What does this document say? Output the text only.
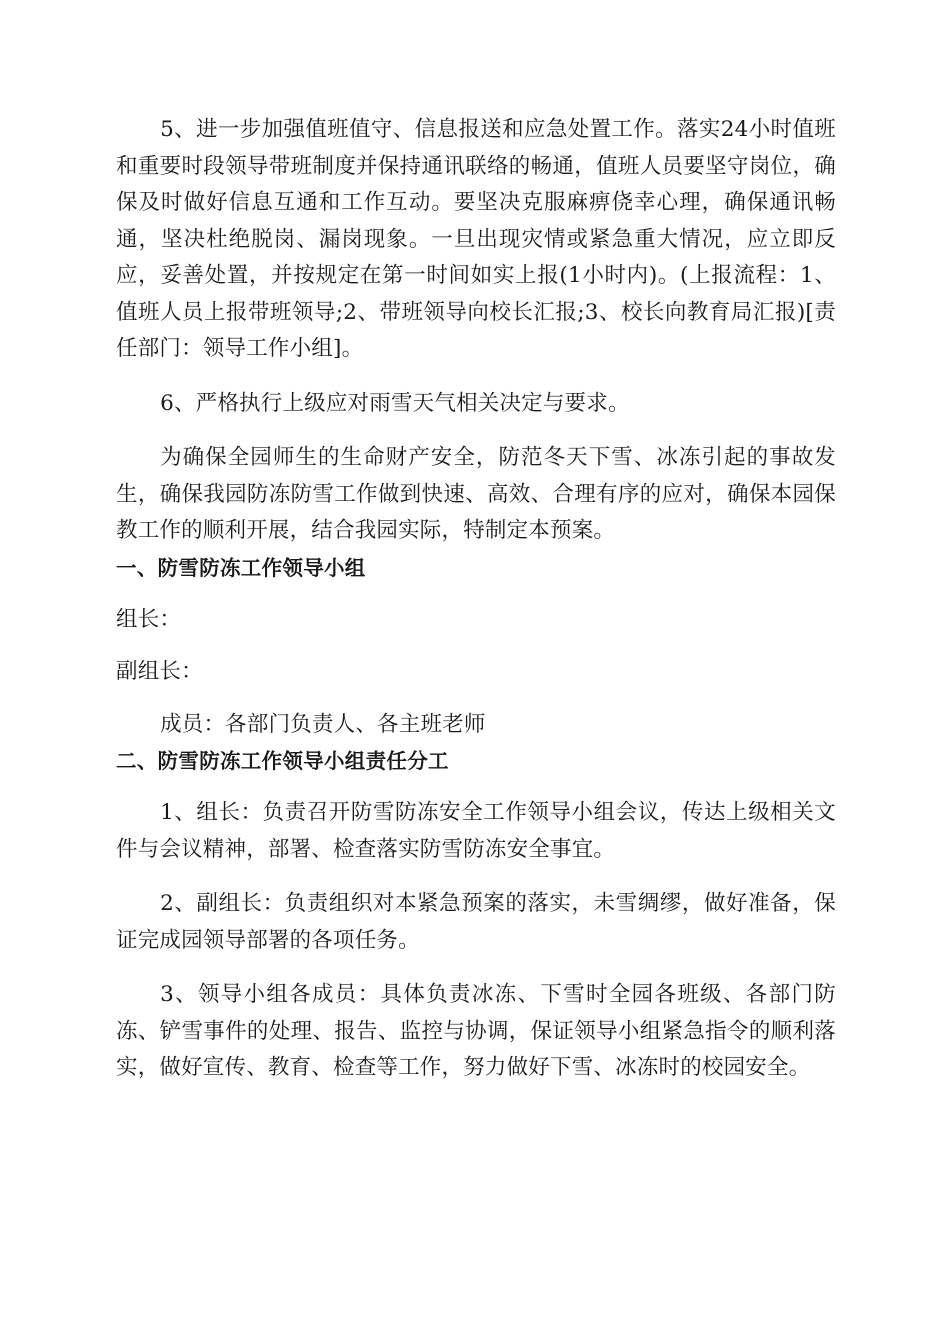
5、进一步加强值班值守、信息报送和应急处置工作。落实24小时值班和重要时段领导带班制度并保持通讯联络的畅通，值班人员要坚守岗位，确保及时做好信息互通和工作互动。要坚决克服麻痹侥幸心理，确保通讯畅通，坚决杜绝脱岗、漏岗现象。一旦出现灾情或紧急重大情况，应立即反应，妥善处置，并按规定在第一时间如实上报(1小时内)。(上报流程：1、值班人员上报带班领导;2、带班领导向校长汇报;3、校长向教育局汇报)[责任部门：领导工作小组]。

6、严格执行上级应对雨雪天气相关决定与要求。

为确保全园师生的生命财产安全，防范冬天下雪、冰冻引起的事故发生，确保我园防冻防雪工作做到快速、高效、合理有序的应对，确保本园保教工作的顺利开展，结合我园实际，特制定本预案。

一、防雪防冻工作领导小组

组长：

副组长：

成员：各部门负责人、各主班老师

二、防雪防冻工作领导小组责任分工

1、组长：负责召开防雪防冻安全工作领导小组会议，传达上级相关文件与会议精神，部署、检查落实防雪防冻安全事宜。

2、副组长：负责组织对本紧急预案的落实，未雪绸缪，做好准备，保证完成园领导部署的各项任务。

3、领导小组各成员：具体负责冰冻、下雪时全园各班级、各部门防冻、铲雪事件的处理、报告、监控与协调，保证领导小组紧急指令的顺利落实，做好宣传、教育、检查等工作，努力做好下雪、冰冻时的校园安全。
